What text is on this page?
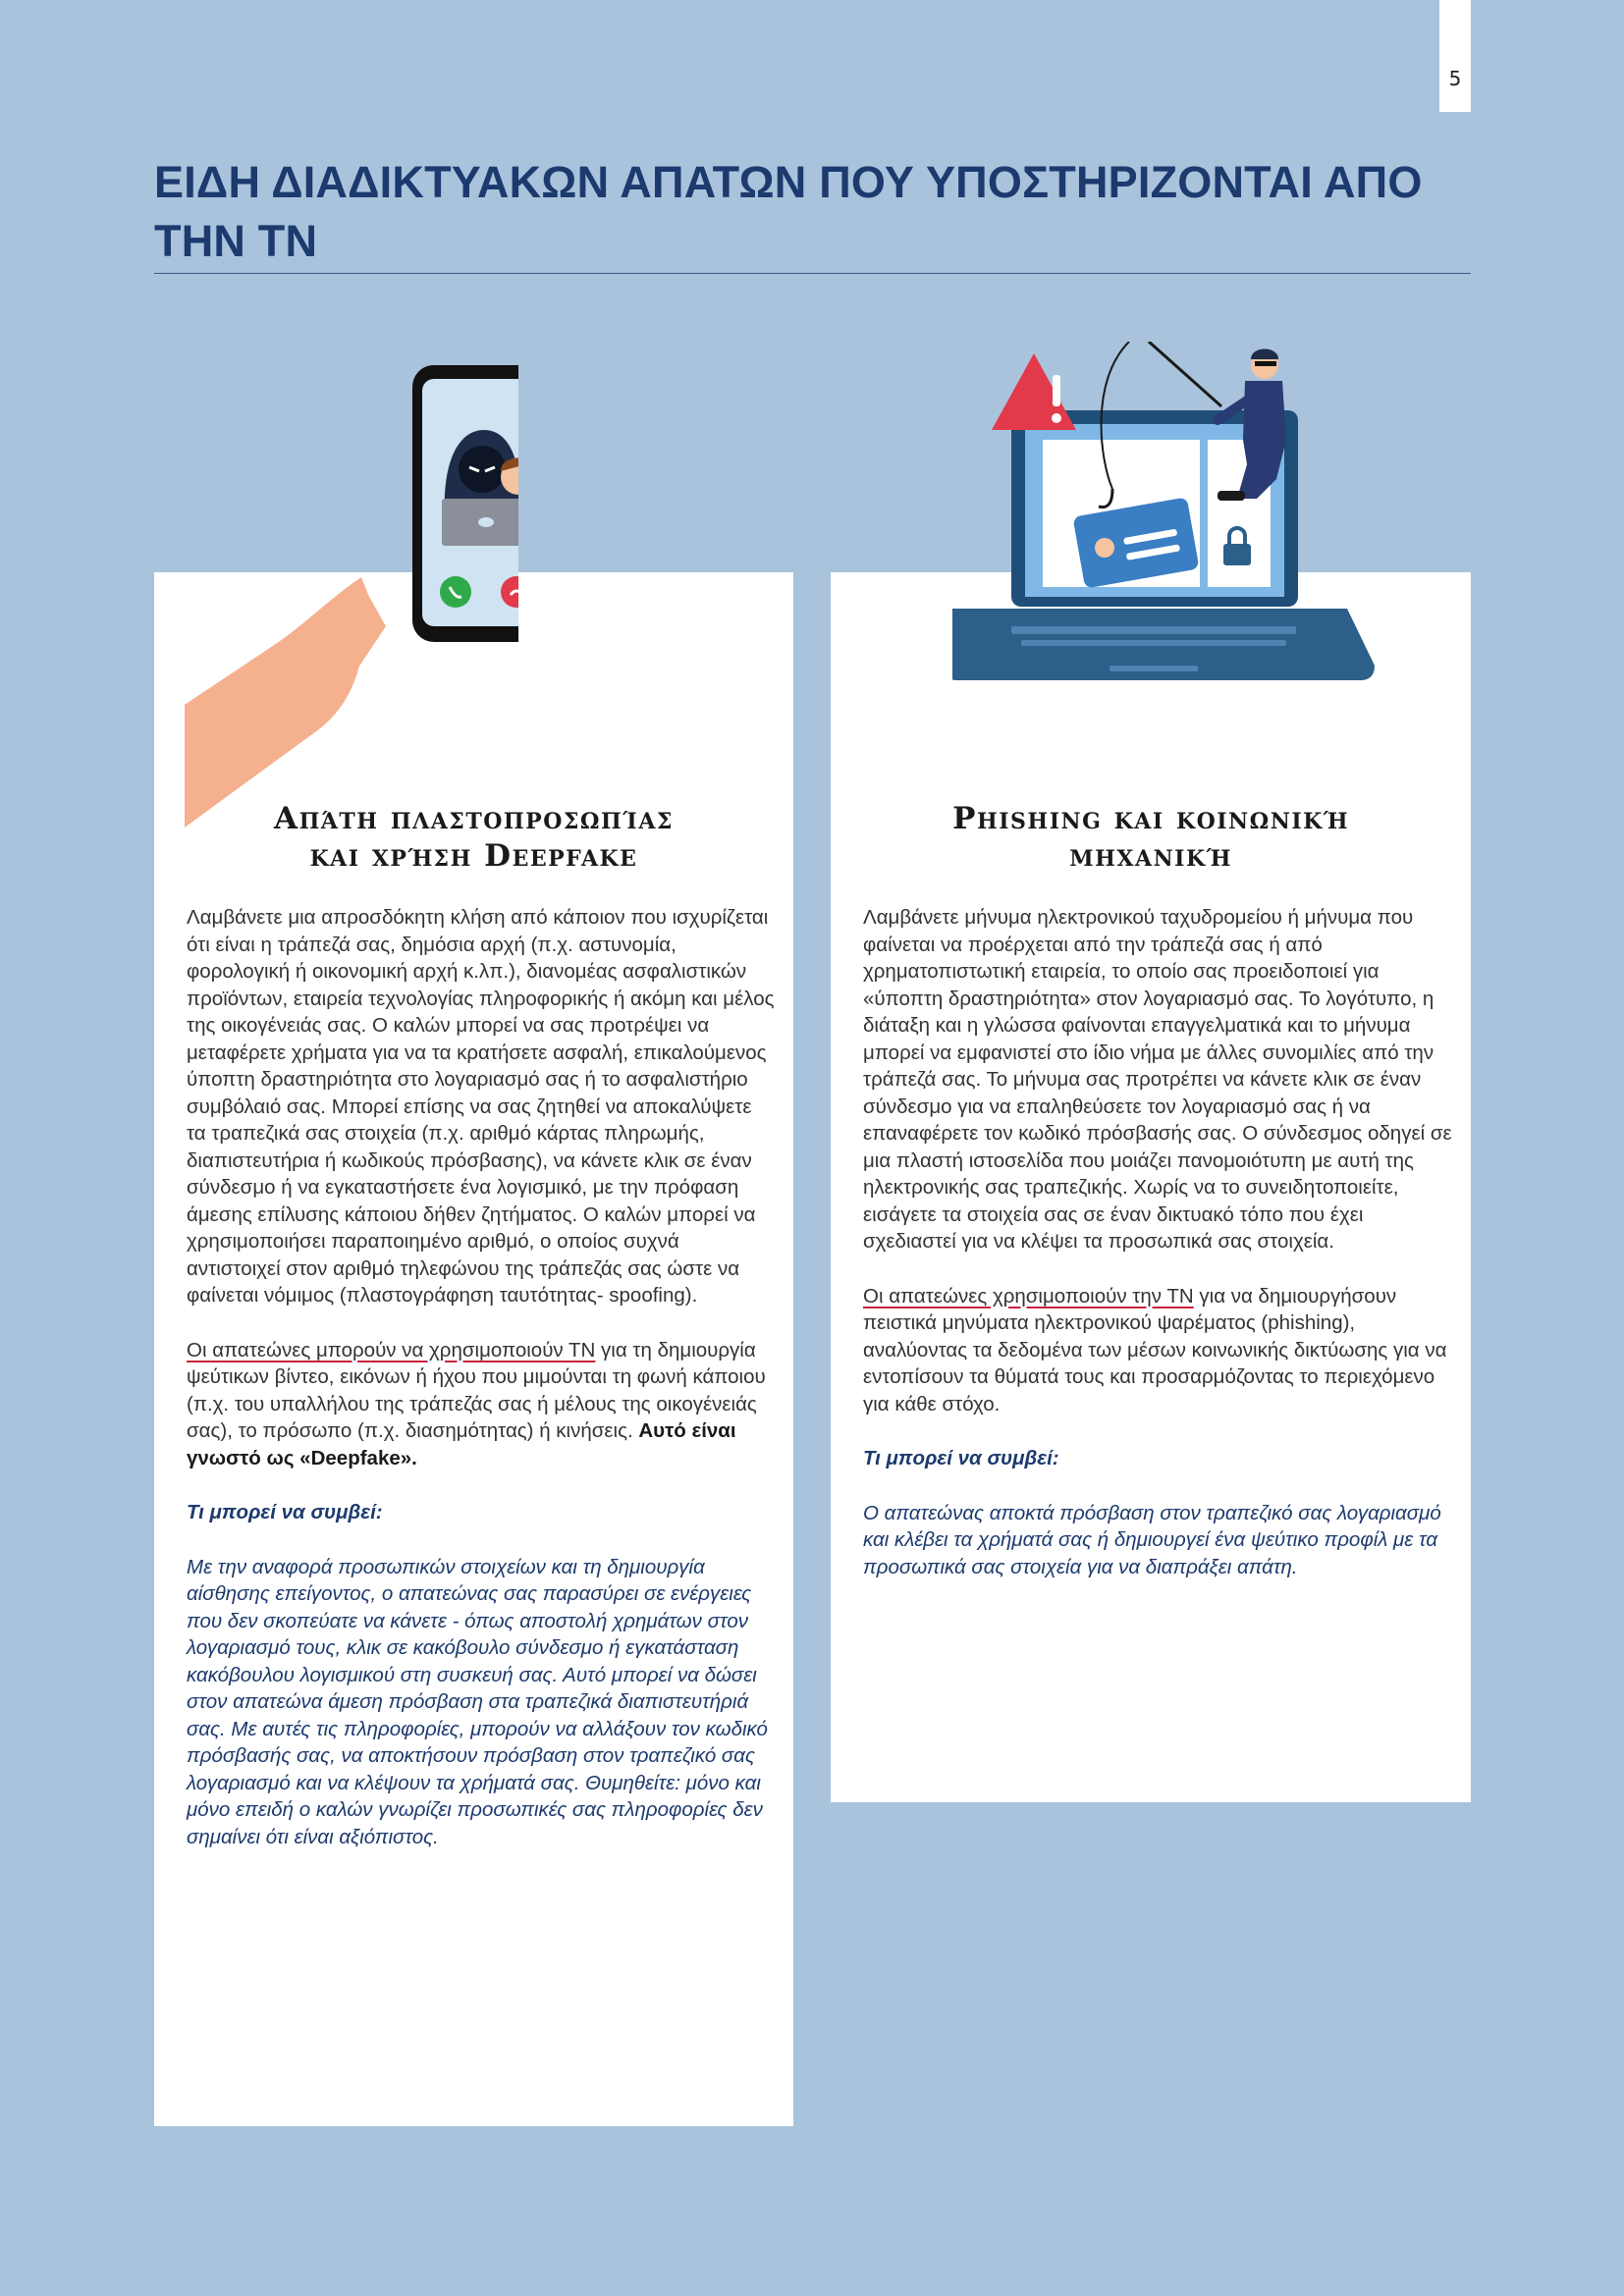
5
ΕΙΔΗ ΔΙΑΔΙΚΤΥΑΚΩΝ ΑΠΑΤΩΝ ΠΟΥ ΥΠΟΣΤΗΡΙΖΟΝΤΑΙ ΑΠΟ ΤΗΝ ΤΝ
Απάτη πλαστοπροσωπίας
και χρήση Deepfake

Λαμβάνετε μια απροσδόκητη κλήση από κάποιον που ισχυρίζεται ότι είναι η τράπεζά σας, δημόσια αρχή (π.χ. αστυνομία, φορολογική ή οικονομική αρχή κ.λπ.), διανομέας ασφαλιστικών προϊόντων, εταιρεία τεχνολογίας πληροφορικής ή ακόμη και μέλος της οικογένειάς σας. Ο καλών μπορεί να σας προτρέψει να μεταφέρετε χρήματα για να τα κρατήσετε ασφαλή, επικαλούμενος ύποπτη δραστηριότητα στο λογαριασμό σας ή το ασφαλιστήριο συμβόλαιό σας. Μπορεί επίσης να σας ζητηθεί να αποκαλύψετε τα τραπεζικά σας στοιχεία (π.χ. αριθμό κάρτας πληρωμής, διαπιστευτήρια ή κωδικούς πρόσβασης), να κάνετε κλικ σε έναν σύνδεσμο ή να εγκαταστήσετε ένα λογισμικό, με την πρόφαση άμεσης επίλυσης κάποιου δήθεν ζητήματος. Ο καλών μπορεί να χρησιμοποιήσει παραποιημένο αριθμό, ο οποίος συχνά αντιστοιχεί στον αριθμό τηλεφώνου της τράπεζάς σας ώστε να φαίνεται νόμιμος (πλαστογράφηση ταυτότητας- spoofing).

Οι απατεώνες μπορούν να χρησιμοποιούν ΤΝ για τη δημιουργία ψεύτικων βίντεο, εικόνων ή ήχου που μιμούνται τη φωνή κάποιου (π.χ. του υπαλλήλου της τράπεζάς σας ή μέλους της οικογένειάς σας), το πρόσωπο (π.χ. διασημότητας) ή κινήσεις. Αυτό είναι γνωστό ως «Deepfake».

Τι μπορεί να συμβεί:

Με την αναφορά προσωπικών στοιχείων και τη δημιουργία αίσθησης επείγοντος, ο απατεώνας σας παρασύρει σε ενέργειες που δεν σκοπεύατε να κάνετε - όπως αποστολή χρημάτων στον λογαριασμό τους, κλικ σε κακόβουλο σύνδεσμο ή εγκατάσταση κακόβουλου λογισμικού στη συσκευή σας. Αυτό μπορεί να δώσει στον απατεώνα άμεση πρόσβαση στα τραπεζικά διαπιστευτήριά σας. Με αυτές τις πληροφορίες, μπορούν να αλλάξουν τον κωδικό πρόσβασής σας, να αποκτήσουν πρόσβαση στον τραπεζικό σας λογαριασμό και να κλέψουν τα χρήματά σας. Θυμηθείτε: μόνο και μόνο επειδή ο καλών γνωρίζει προσωπικές σας πληροφορίες δεν σημαίνει ότι είναι αξιόπιστος.

Phishing και κοινωνική
μηχανική

Λαμβάνετε μήνυμα ηλεκτρονικού ταχυδρομείου ή μήνυμα που φαίνεται να προέρχεται από την τράπεζά σας ή από χρηματοπιστωτική εταιρεία, το οποίο σας προειδοποιεί για «ύποπτη δραστηριότητα» στον λογαριασμό σας. Το λογότυπο, η διάταξη και η γλώσσα φαίνονται επαγγελματικά και το μήνυμα μπορεί να εμφανιστεί στο ίδιο νήμα με άλλες συνομιλίες από την τράπεζά σας. Το μήνυμα σας προτρέπει να κάνετε κλικ σε έναν σύνδεσμο για να επαληθεύσετε τον λογαριασμό σας ή να επαναφέρετε τον κωδικό πρόσβασής σας. Ο σύνδεσμος οδηγεί σε μια πλαστή ιστοσελίδα που μοιάζει πανομοιότυπη με αυτή της ηλεκτρονικής σας τραπεζικής. Χωρίς να το συνειδητοποιείτε, εισάγετε τα στοιχεία σας σε έναν δικτυακό τόπο που έχει σχεδιαστεί για να κλέψει τα προσωπικά σας στοιχεία.

Οι απατεώνες χρησιμοποιούν την ΤΝ για να δημιουργήσουν πειστικά μηνύματα ηλεκτρονικού ψαρέματος (phishing), αναλύοντας τα δεδομένα των μέσων κοινωνικής δικτύωσης για να εντοπίσουν τα θύματά τους και προσαρμόζοντας το περιεχόμενο για κάθε στόχο.

Τι μπορεί να συμβεί:

Ο απατεώνας αποκτά πρόσβαση στον τραπεζικό σας λογαριασμό και κλέβει τα χρήματά σας ή δημιουργεί ένα ψεύτικο προφίλ με τα προσωπικά σας στοιχεία για να διαπράξει απάτη.
